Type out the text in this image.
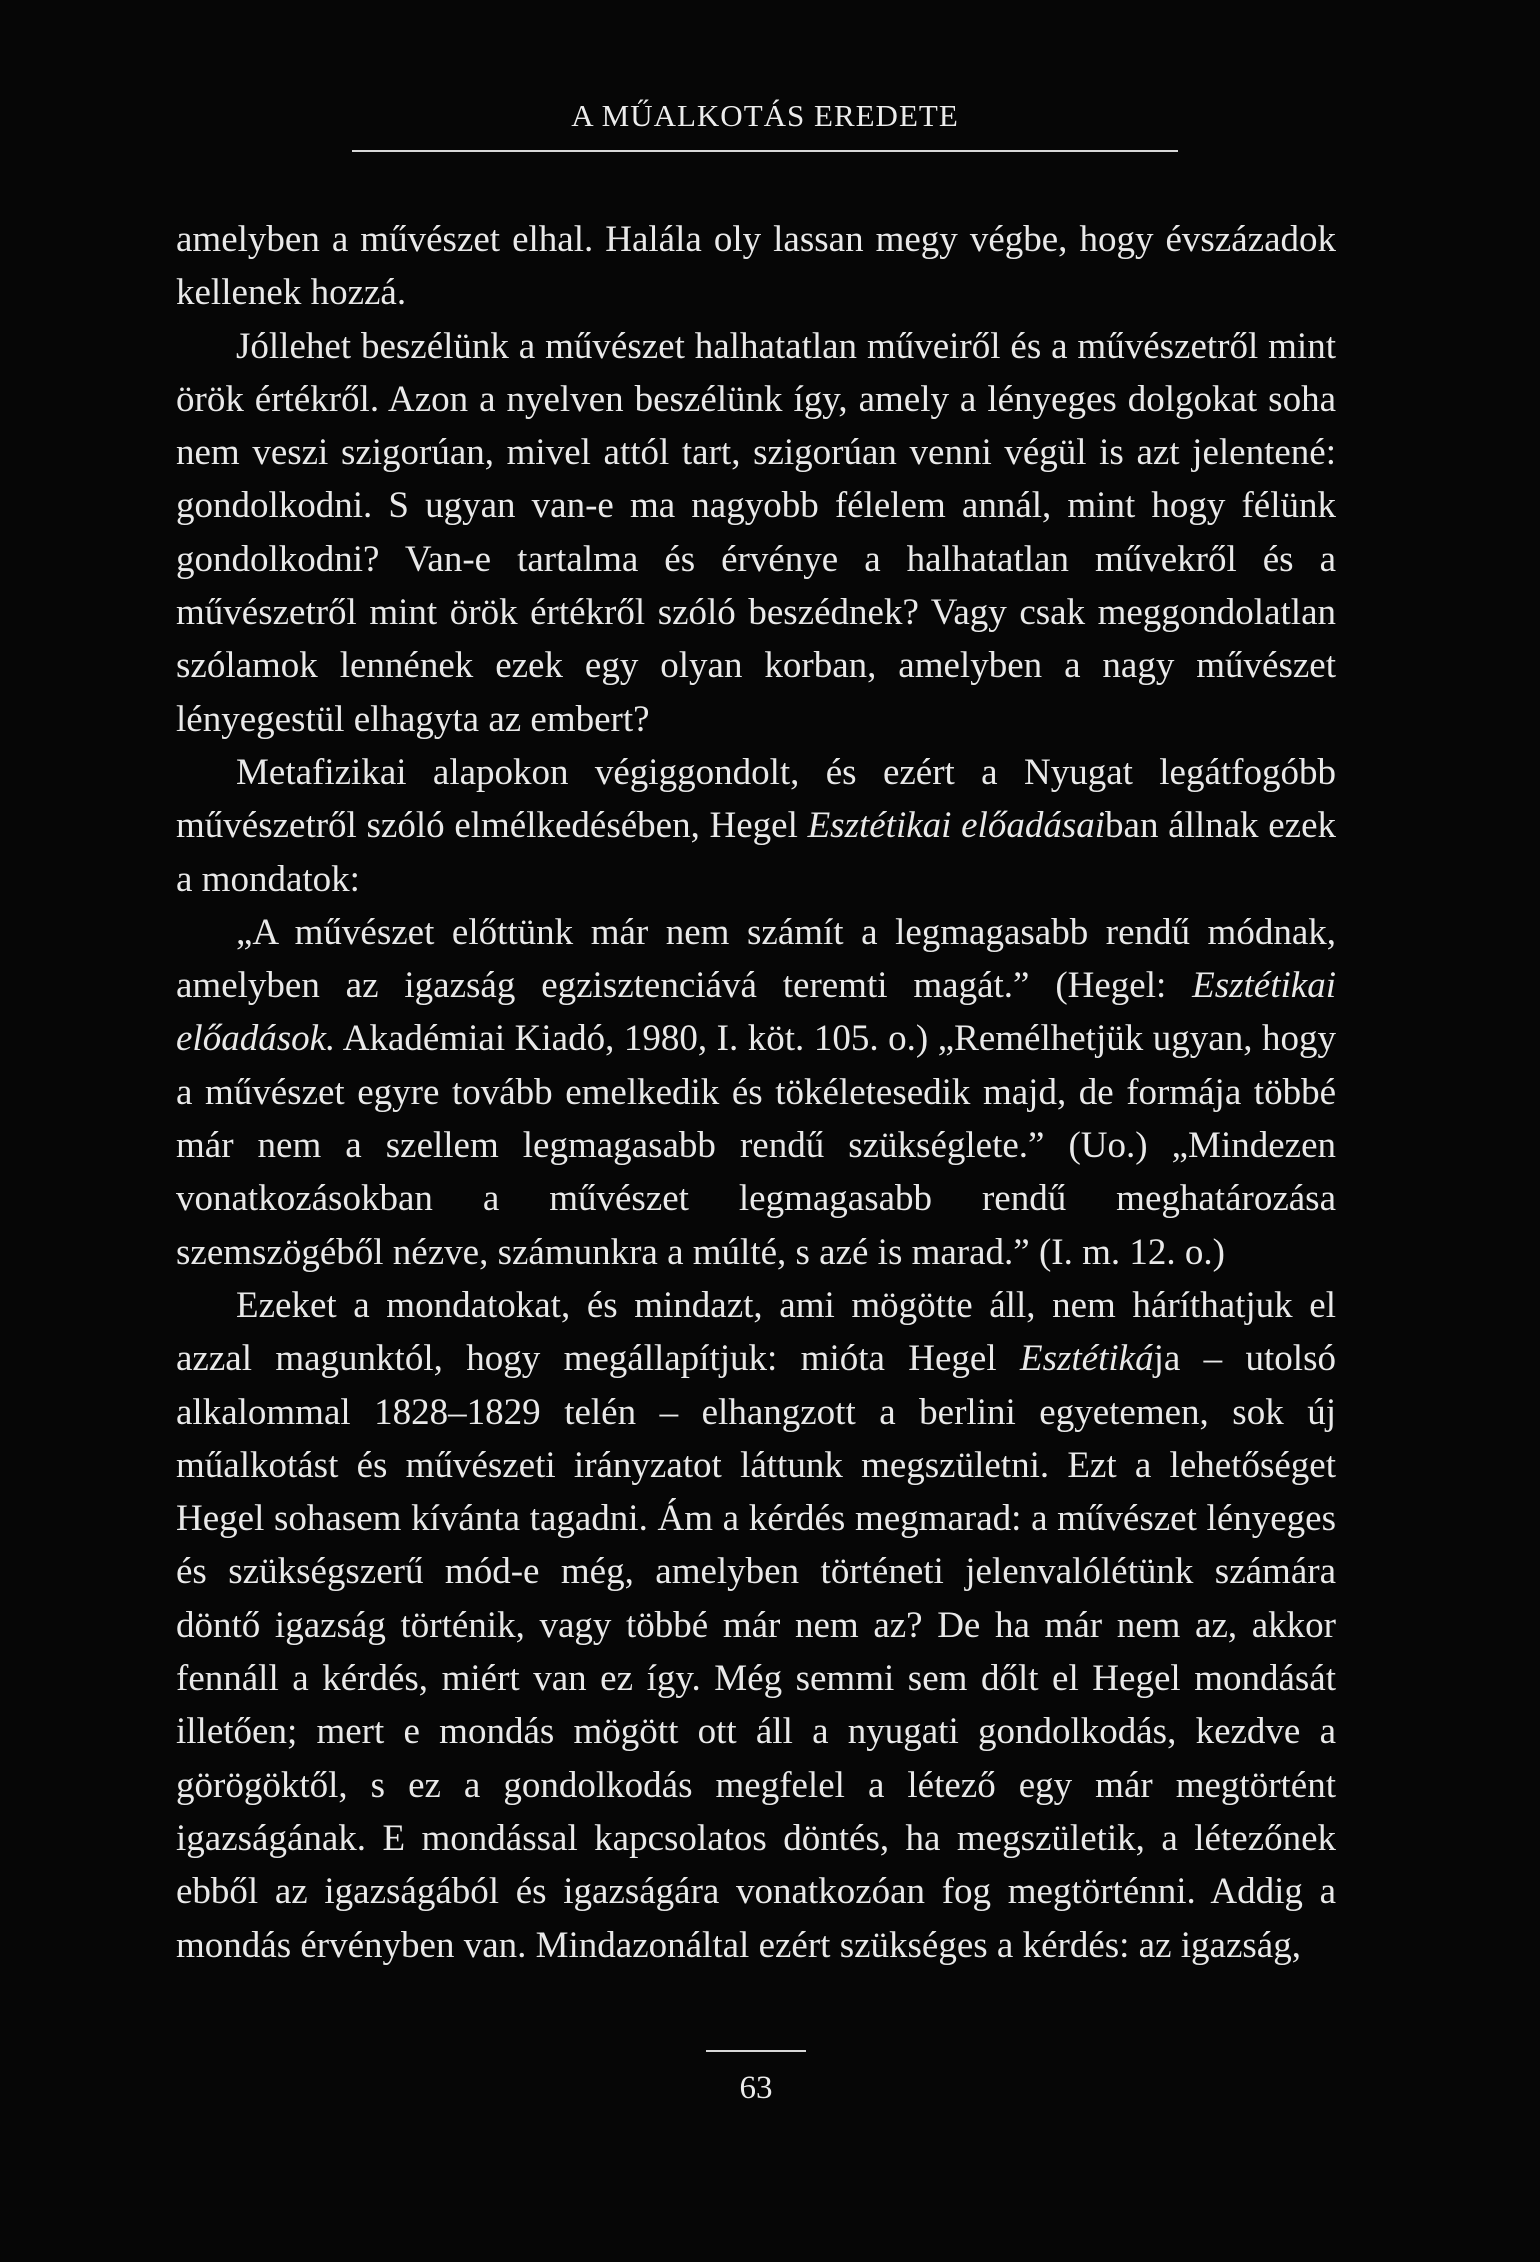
A MŰALKOTÁS EREDETE

amelyben a művészet elhal. Halála oly lassan megy végbe, hogy évszázadok kellenek hozzá.

Jóllehet beszélünk a művészet halhatatlan műveiről és a művészetről mint örök értékről. Azon a nyelven beszélünk így, amely a lényeges dolgokat soha nem veszi szigorúan, mivel attól tart, szigorúan venni végül is azt jelentené: gondolkodni. S ugyan van-e ma nagyobb félelem annál, mint hogy félünk gondolkodni? Van-e tartalma és érvénye a halhatatlan művekről és a művészetről mint örök értékről szóló beszédnek? Vagy csak meggondolatlan szólamok lennének ezek egy olyan korban, amelyben a nagy művészet lényegestül elhagyta az embert?

Metafizikai alapokon végiggondolt, és ezért a Nyugat legátfogóbb művészetről szóló elmélkedésében, Hegel Esztétikai előadásaiban állnak ezek a mondatok:

„A művészet előttünk már nem számít a legmagasabb rendű módnak, amelyben az igazság egzisztenciává teremti magát.” (Hegel: Esztétikai előadások. Akadémiai Kiadó, 1980, I. köt. 105. o.) „Remélhetjük ugyan, hogy a művészet egyre tovább emelkedik és tökéletesedik majd, de formája többé már nem a szellem legmagasabb rendű szükséglete.” (Uo.) „Mindezen vonatkozásokban a művészet legmagasabb rendű meghatározása szemszögéből nézve, számunkra a múlté, s azé is marad.” (I. m. 12. o.)

Ezeket a mondatokat, és mindazt, ami mögötte áll, nem háríthatjuk el azzal magunktól, hogy megállapítjuk: mióta Hegel Esztétikája – utolsó alkalommal 1828–1829 telén – elhangzott a berlini egyetemen, sok új műalkotást és művészeti irányzatot láttunk megszületni. Ezt a lehetőséget Hegel sohasem kívánta tagadni. Ám a kérdés megmarad: a művészet lényeges és szükségszerű mód-e még, amelyben történeti jelenvalólétünk számára döntő igazság történik, vagy többé már nem az? De ha már nem az, akkor fennáll a kérdés, miért van ez így. Még semmi sem dőlt el Hegel mondását illetően; mert e mondás mögött ott áll a nyugati gondolkodás, kezdve a görögöktől, s ez a gondolkodás megfelel a létező egy már megtörtént igazságának. E mondással kapcsolatos döntés, ha megszületik, a létezőnek ebből az igazságából és igazságára vonatkozóan fog megtörténni. Addig a mondás érvényben van. Mindazonáltal ezért szükséges a kérdés: az igazság,

63
